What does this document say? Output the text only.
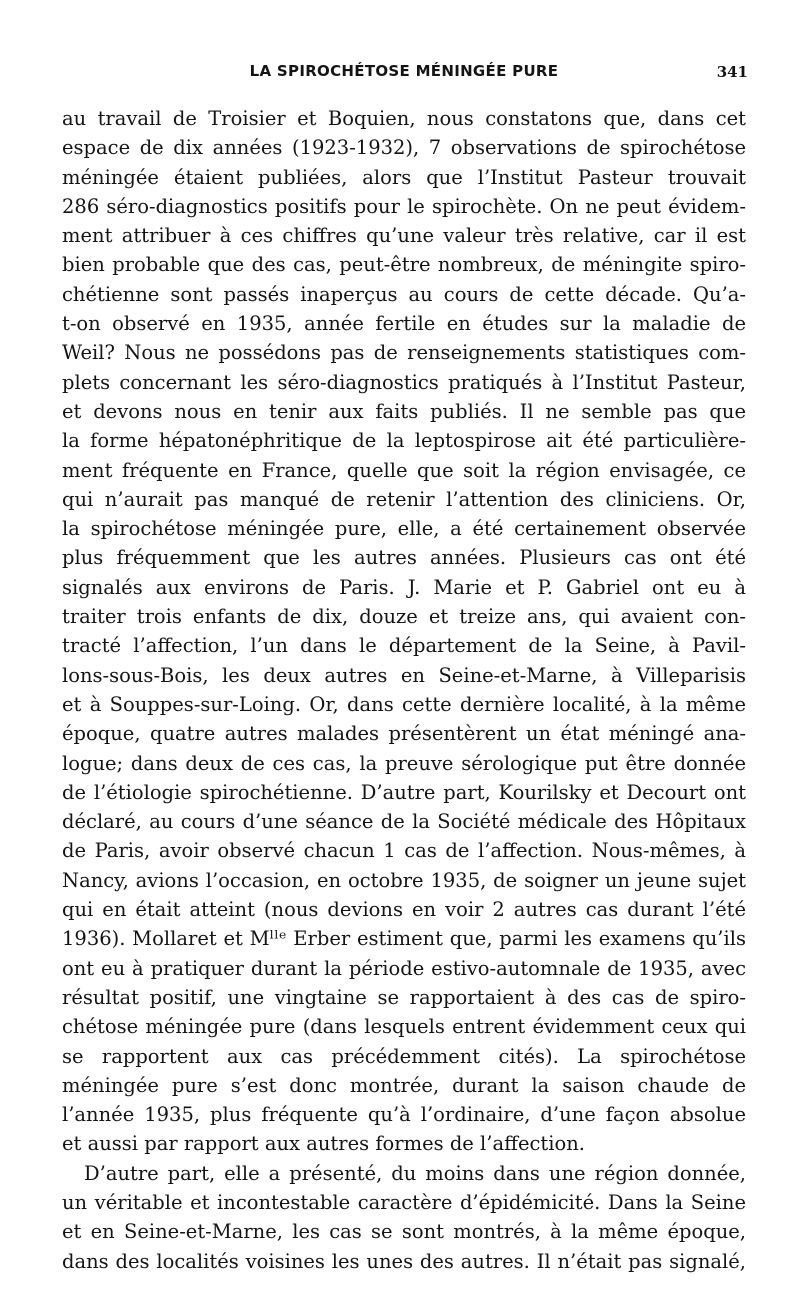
LA SPIROCHÉTOSE MÉNINGÉE PURE	341
au travail de Troisier et Boquien, nous constatons que, dans cet
espace de dix années (1923-1932), 7 observations de spirochétose
méningée étaient publiées, alors que l’Institut Pasteur trouvait
286 séro-diagnostics positifs pour le spirochète. On ne peut évidem-
ment attribuer à ces chiffres qu’une valeur très relative, car il est
bien probable que des cas, peut-être nombreux, de méningite spiro-
chétienne sont passés inaperçus au cours de cette décade. Qu’a-
t-on observé en 1935, année fertile en études sur la maladie de
Weil? Nous ne possédons pas de renseignements statistiques com-
plets concernant les séro-diagnostics pratiqués à l’Institut Pasteur,
et devons nous en tenir aux faits publiés. Il ne semble pas que
la forme hépatonéphritique de la leptospirose ait été particulière-
ment fréquente en France, quelle que soit la région envisagée, ce
qui n’aurait pas manqué de retenir l’attention des cliniciens. Or,
la spirochétose méningée pure, elle, a été certainement observée
plus fréquemment que les autres années. Plusieurs cas ont été
signalés aux environs de Paris. J. Marie et P. Gabriel ont eu à
traiter trois enfants de dix, douze et treize ans, qui avaient con-
tracté l’affection, l’un dans le département de la Seine, à Pavil-
lons-sous-Bois, les deux autres en Seine-et-Marne, à Villeparisis
et à Souppes-sur-Loing. Or, dans cette dernière localité, à la même
époque, quatre autres malades présentèrent un état méningé ana-
logue; dans deux de ces cas, la preuve sérologique put être donnée
de l’étiologie spirochétienne. D’autre part, Kourilsky et Decourt ont
déclaré, au cours d’une séance de la Société médicale des Hôpitaux
de Paris, avoir observé chacun 1 cas de l’affection. Nous-mêmes, à
Nancy, avions l’occasion, en octobre 1935, de soigner un jeune sujet
qui en était atteint (nous devions en voir 2 autres cas durant l’été
1936). Mollaret et Mˡˡᵉ Erber estiment que, parmi les examens qu’ils
ont eu à pratiquer durant la période estivo-automnale de 1935, avec
résultat positif, une vingtaine se rapportaient à des cas de spiro-
chétose méningée pure (dans lesquels entrent évidemment ceux qui
se rapportent aux cas précédemment cités). La spirochétose
méningée pure s’est donc montrée, durant la saison chaude de
l’année 1935, plus fréquente qu’à l’ordinaire, d’une façon absolue
et aussi par rapport aux autres formes de l’affection.
D’autre part, elle a présenté, du moins dans une région donnée,
un véritable et incontestable caractère d’épidémicité. Dans la Seine
et en Seine-et-Marne, les cas se sont montrés, à la même époque,
dans des localités voisines les unes des autres. Il n’était pas signalé,
